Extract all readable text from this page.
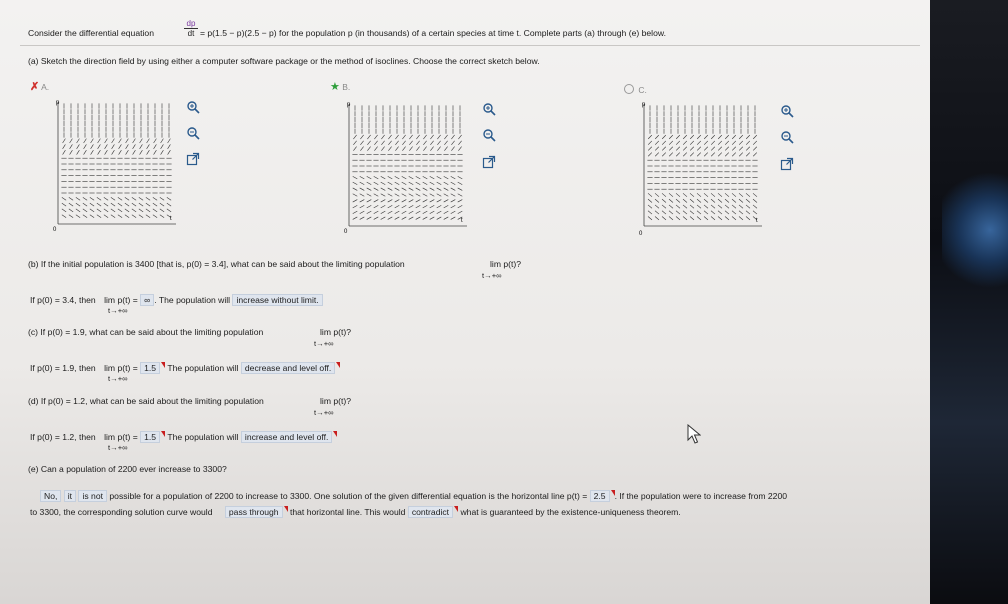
Consider the differential equation	$\frac{dp}{dt} = p(1.5 - p)(2.5 - p)$ for the population p (in thousands) of a certain species at time t. Complete parts (a) through (e) below.
(a) Sketch the direction field by using either a computer software package or the method of isoclines. Choose the correct sketch below.
✗ A.
p
t
0
★ B.
p
t
0
C.
p
t
0
(b) If the initial population is 3400 [that is, p(0) = 3.4], what can be said about the limiting population	lim p(t)?
t→+∞
If p(0) = 3.4, then lim p(t) = ∞ . The population will increase without limit.
t→+∞
(c) If p(0) = 1.9, what can be said about the limiting population	lim p(t)?
t→+∞
If p(0) = 1.9, then lim p(t) = 1.5 The population will decrease and level off.
t→+∞
(d) If p(0) = 1.2, what can be said about the limiting population	lim p(t)?
t→+∞
If p(0) = 1.2, then lim p(t) = 1.5 The population will increase and level off.
t→+∞
(e) Can a population of 2200 ever increase to 3300?
No, it is not possible for a population of 2200 to increase to 3300. One solution of the given differential equation is the horizontal line p(t) = 2.5 . If the population were to increase from 2200
to 3300, the corresponding solution curve would pass through that horizontal line. This would contradict what is guaranteed by the existence-uniqueness theorem.
